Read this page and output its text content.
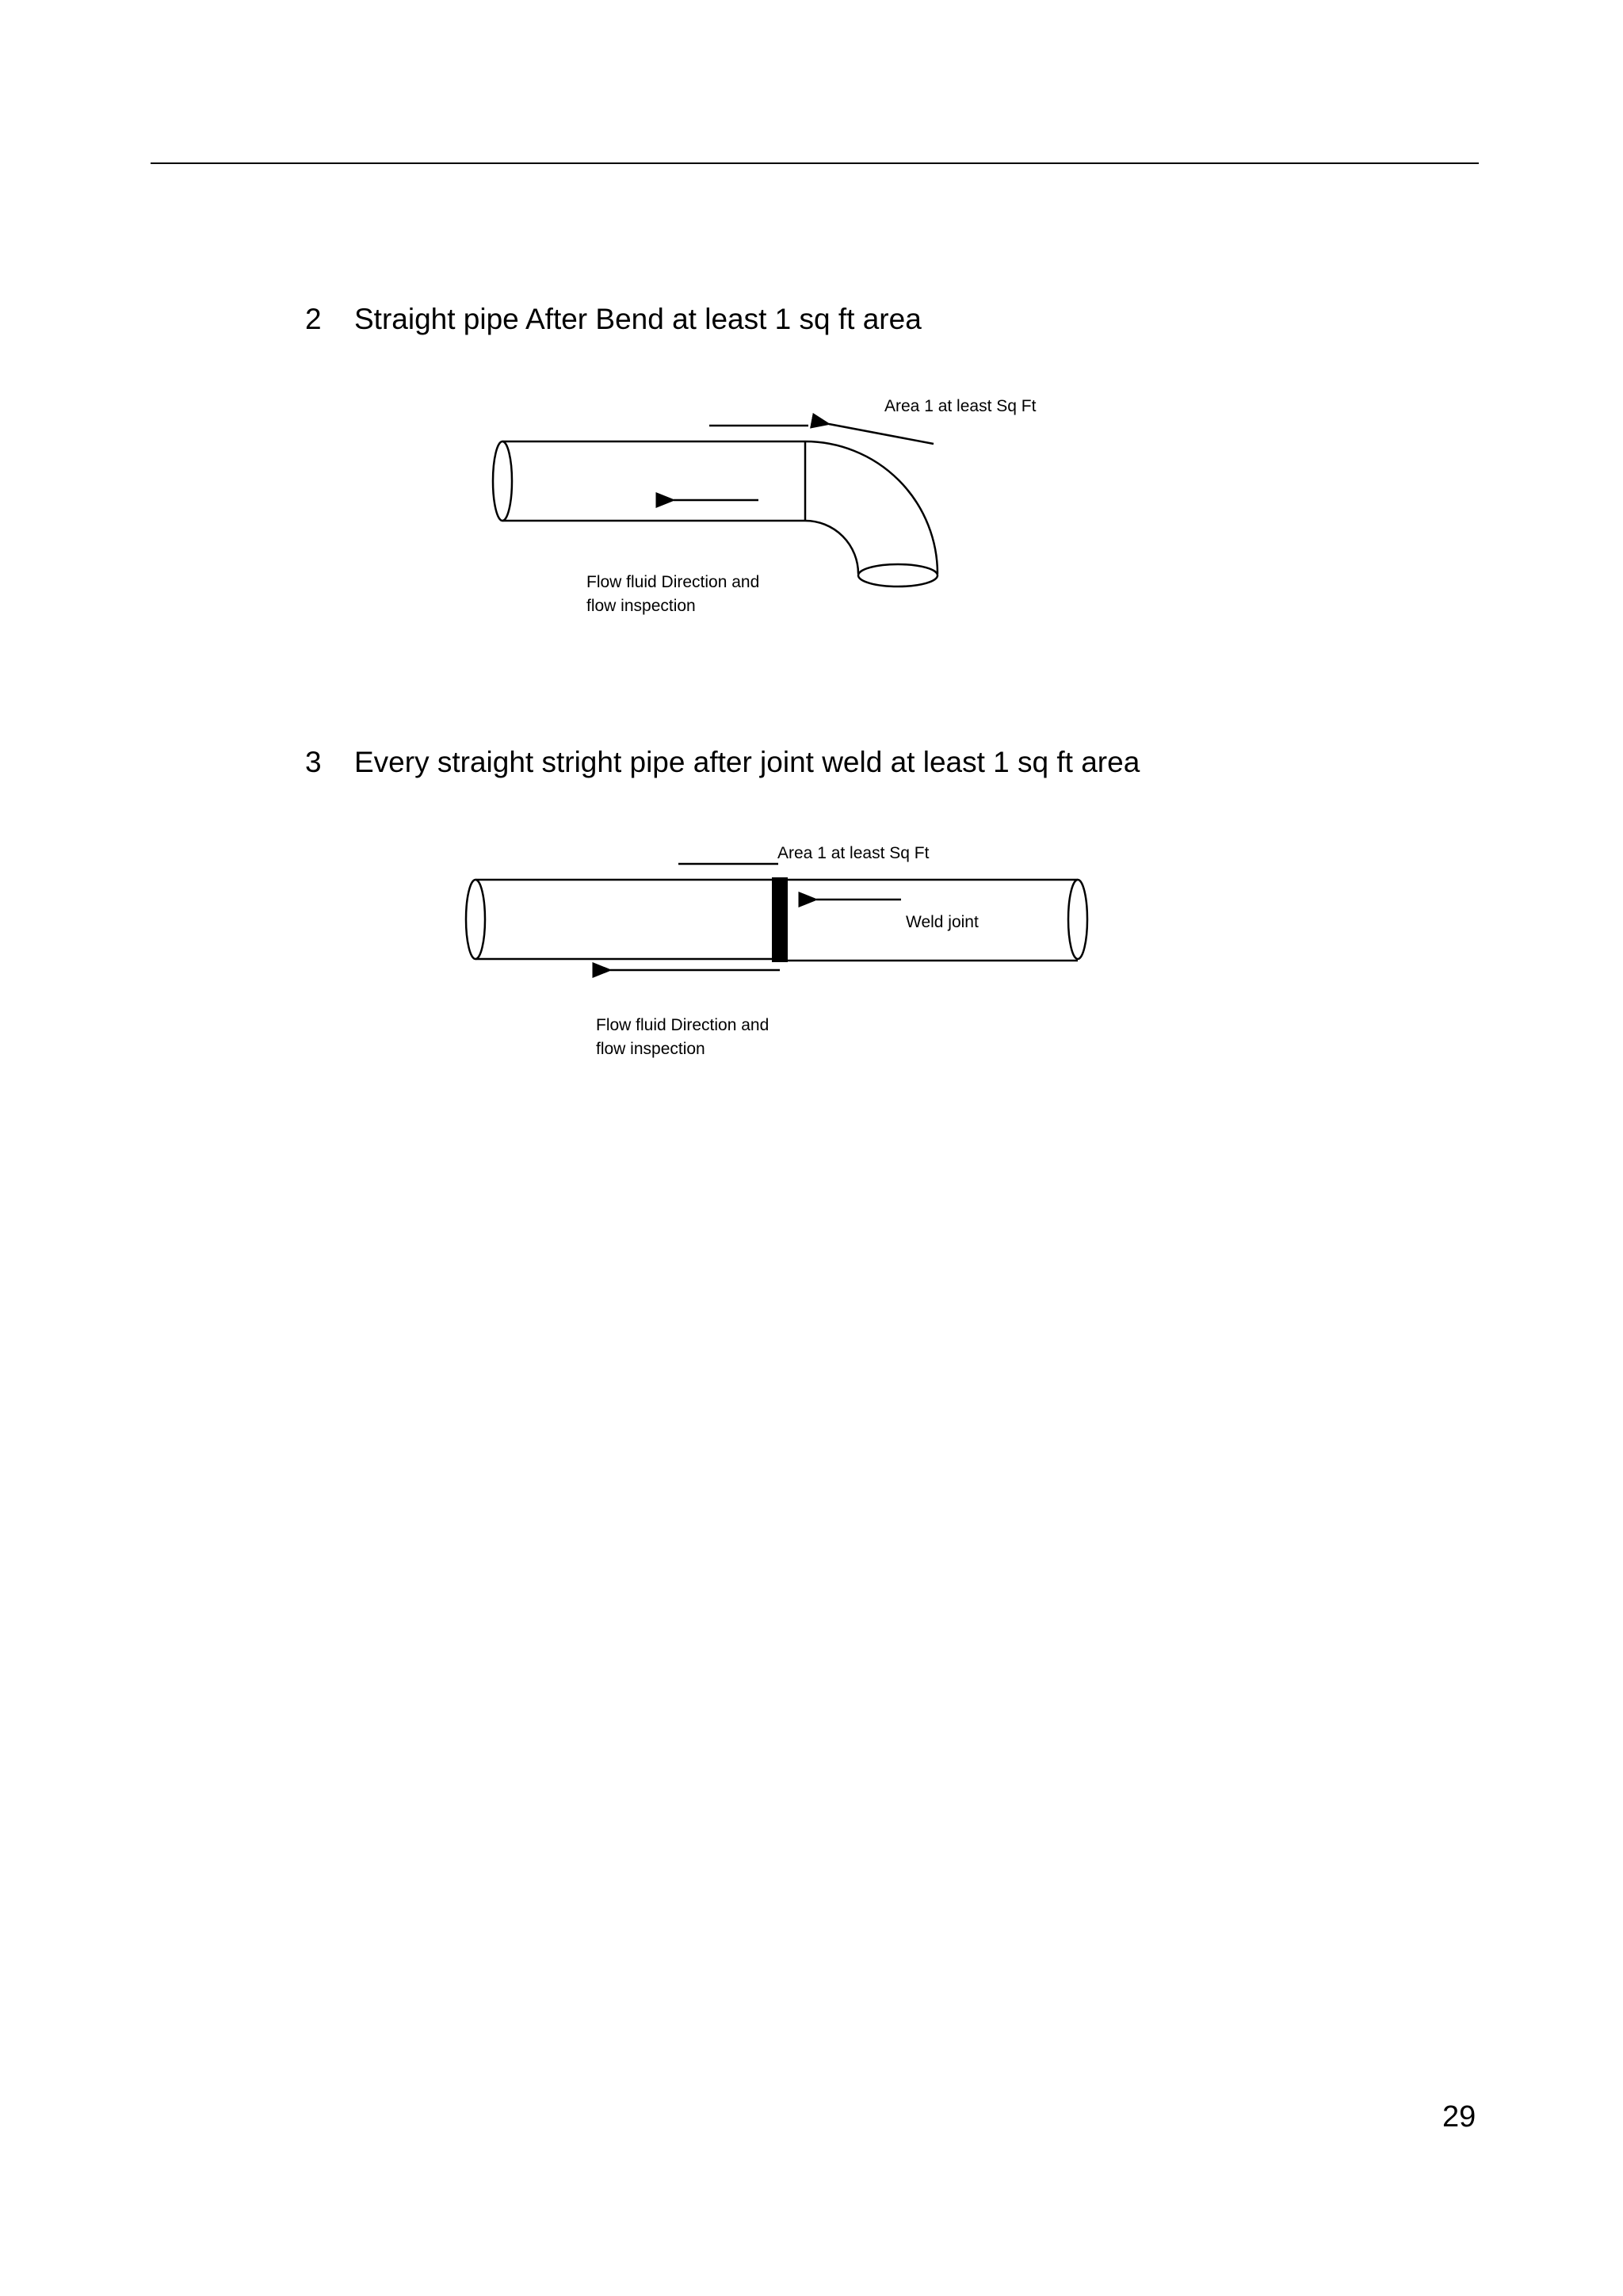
2 Straight pipe After Bend at least 1 sq ft area
Area 1 at least Sq Ft
Flow fluid Direction and
flow inspection
3 Every straight stright pipe after joint weld at least 1 sq ft area
Area 1 at least Sq Ft
Weld joint
Flow fluid Direction and
flow inspection
29
